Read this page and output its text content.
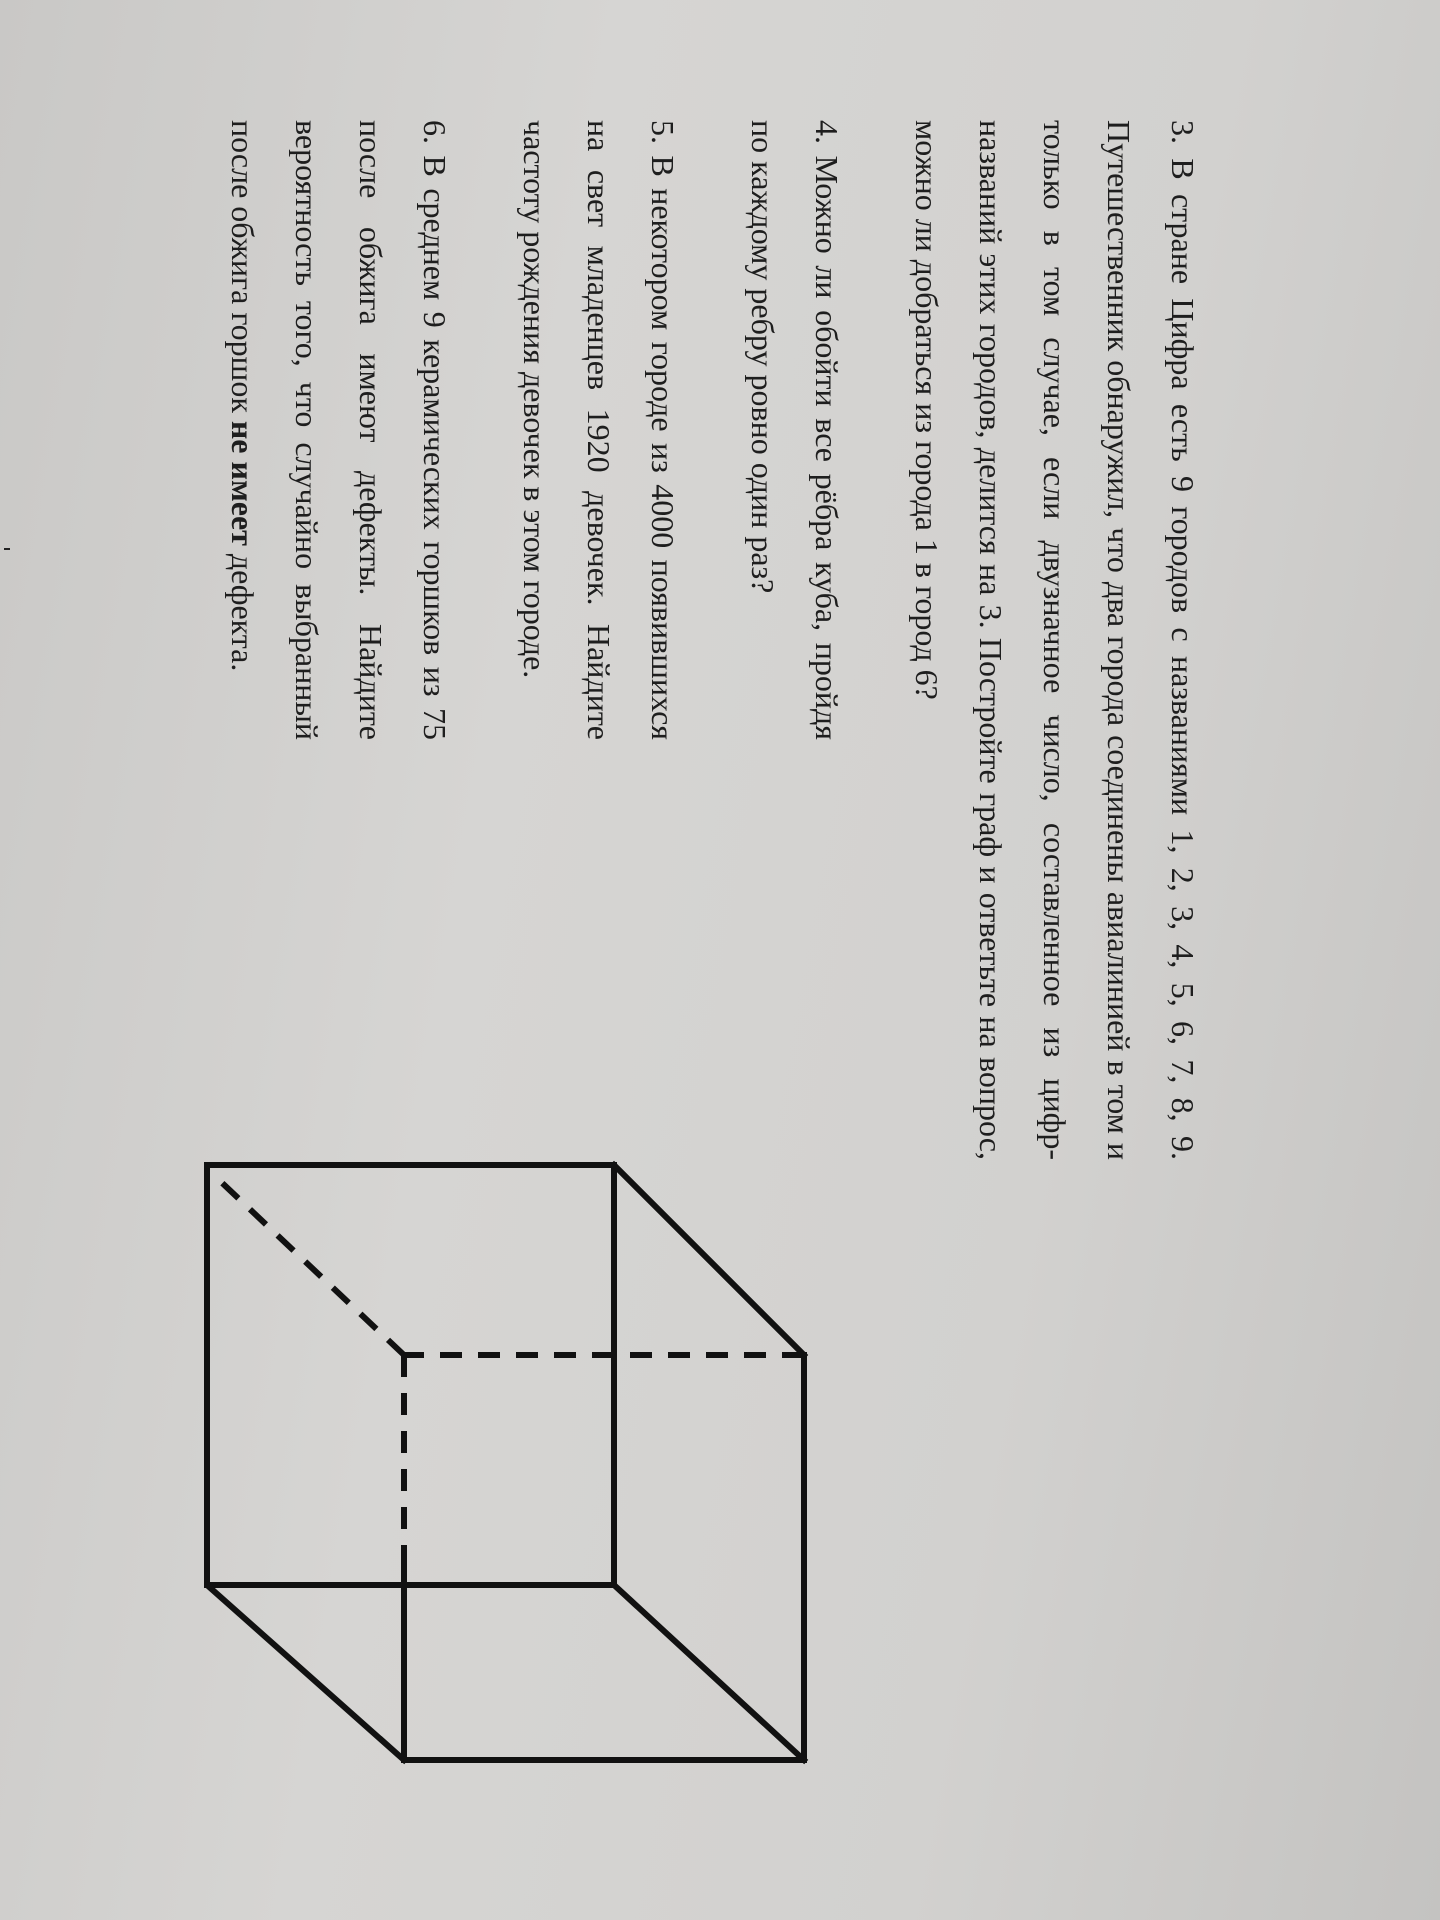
3. В стране Цифра есть 9 городов с названиями 1, 2, 3, 4, 5, 6, 7, 8, 9. Путешественник обнаружил, что два города соединены авиалинией в том и только в том случае, если двузначное число, составленное из цифр-названий этих городов, делится на 3. Постройте граф и ответьте на вопрос, можно ли добраться из города 1 в город 6?

4. Можно ли обойти все рёбра куба, пройдя по каждому ребру ровно один раз?

5. В некотором городе из 4000 появившихся на свет младенцев 1920 девочек. Найдите частоту рождения девочек в этом городе.

6. В среднем 9 керамических горшков из 75 после обжига имеют дефекты. Найдите вероятность того, что случайно выбранный после обжига горшок не имеет дефекта.
